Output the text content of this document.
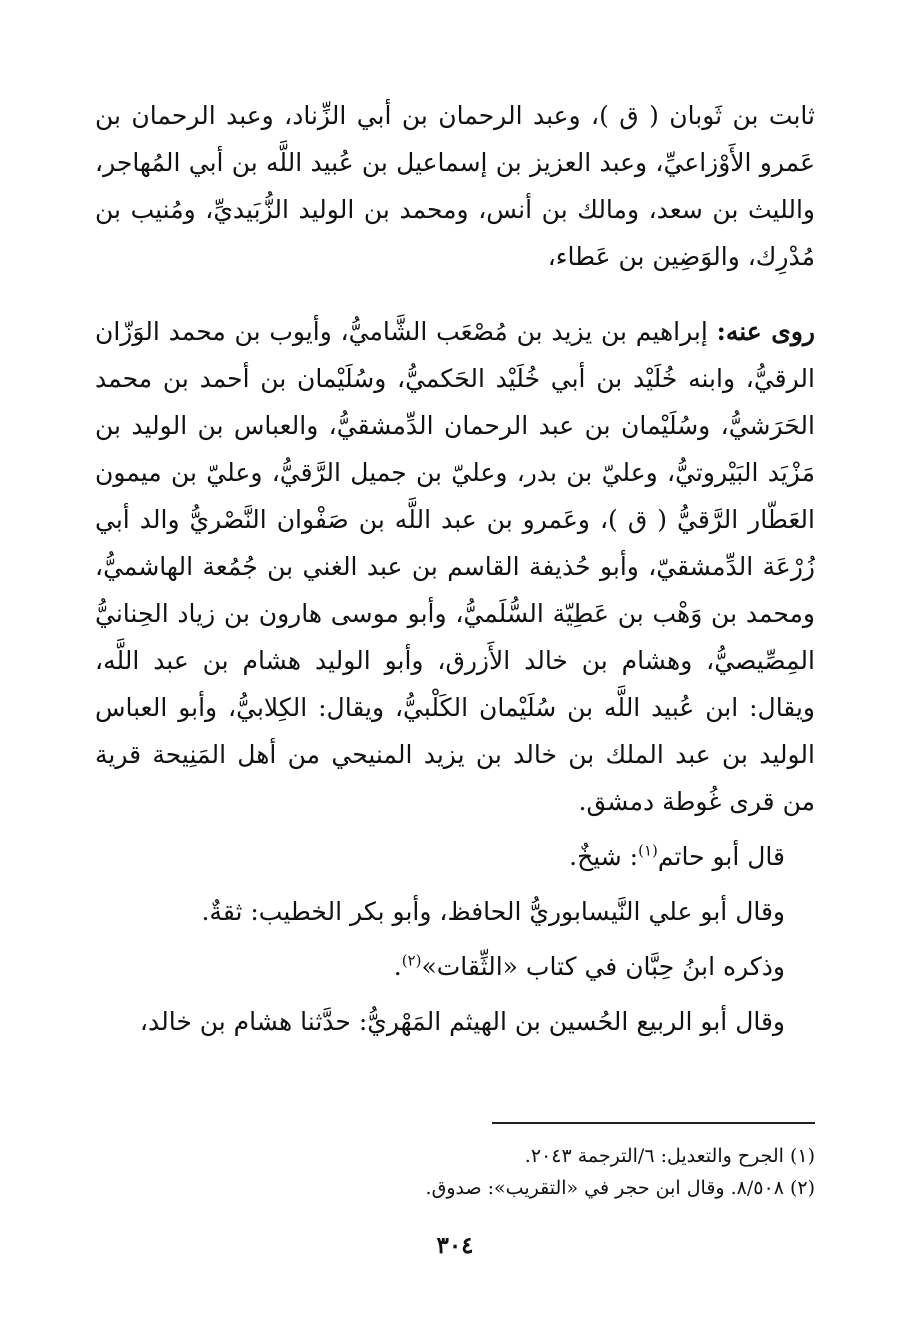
ثابت بن ثَوبان ( ق )، وعبد الرحمان بن أبي الزِّناد، وعبد الرحمان بن عَمرو الأَوْزاعيِّ، وعبد العزيز بن إسماعيل بن عُبيد اللَّه بن أبي المُهاجر، والليث بن سعد، ومالك بن أنس، ومحمد بن الوليد الزُّبَيديِّ، ومُنيب بن مُدْرِك، والوَضِين بن عَطاء،

روى عنه: إبراهيم بن يزيد بن مُصْعَب الشَّاميُّ، وأيوب بن محمد الوَزّان الرقيُّ، وابنه خُلَيْد بن أبي خُلَيْد الحَكميُّ، وسُلَيْمان بن أحمد بن محمد الحَرَشيُّ، وسُلَيْمان بن عبد الرحمان الدِّمشقيُّ، والعباس بن الوليد بن مَزْيَد البَيْروتيُّ، وعليّ بن بدر، وعليّ بن جميل الرَّقيُّ، وعليّ بن ميمون العَطّار الرَّقيُّ ( ق )، وعَمرو بن عبد اللَّه بن صَفْوان النَّصْريُّ والد أبي زُرْعَة الدِّمشقيّ، وأبو حُذيفة القاسم بن عبد الغني بن جُمُعة الهاشميُّ، ومحمد بن وَهْب بن عَطِيّة السُّلَميُّ، وأبو موسى هارون بن زياد الحِنانيُّ المِصِّيصيُّ، وهشام بن خالد الأَزرق، وأبو الوليد هشام بن عبد اللَّه، ويقال: ابن عُبيد اللَّه بن سُلَيْمان الكَلْبيُّ، ويقال: الكِلابيُّ، وأبو العباس الوليد بن عبد الملك بن خالد بن يزيد المنيحي من أهل المَنِيحة قرية من قرى غُوطة دمشق.

قال أبو حاتم$^{(١)}$: شيخٌ.

وقال أبو علي النَّيسابوريُّ الحافظ، وأبو بكر الخطيب: ثقةٌ.

وذكره ابنُ حِبَّان في كتاب «الثِّقات»$^{(٢)}$.

وقال أبو الربيع الحُسين بن الهيثم المَهْريُّ: حدَّثنا هشام بن خالد،

(١) الجرح والتعديل: ٦/الترجمة ٢٠٤٣.
(٢) ٨/٥٠٨. وقال ابن حجر في «التقريب»: صدوق.
٣٠٤
